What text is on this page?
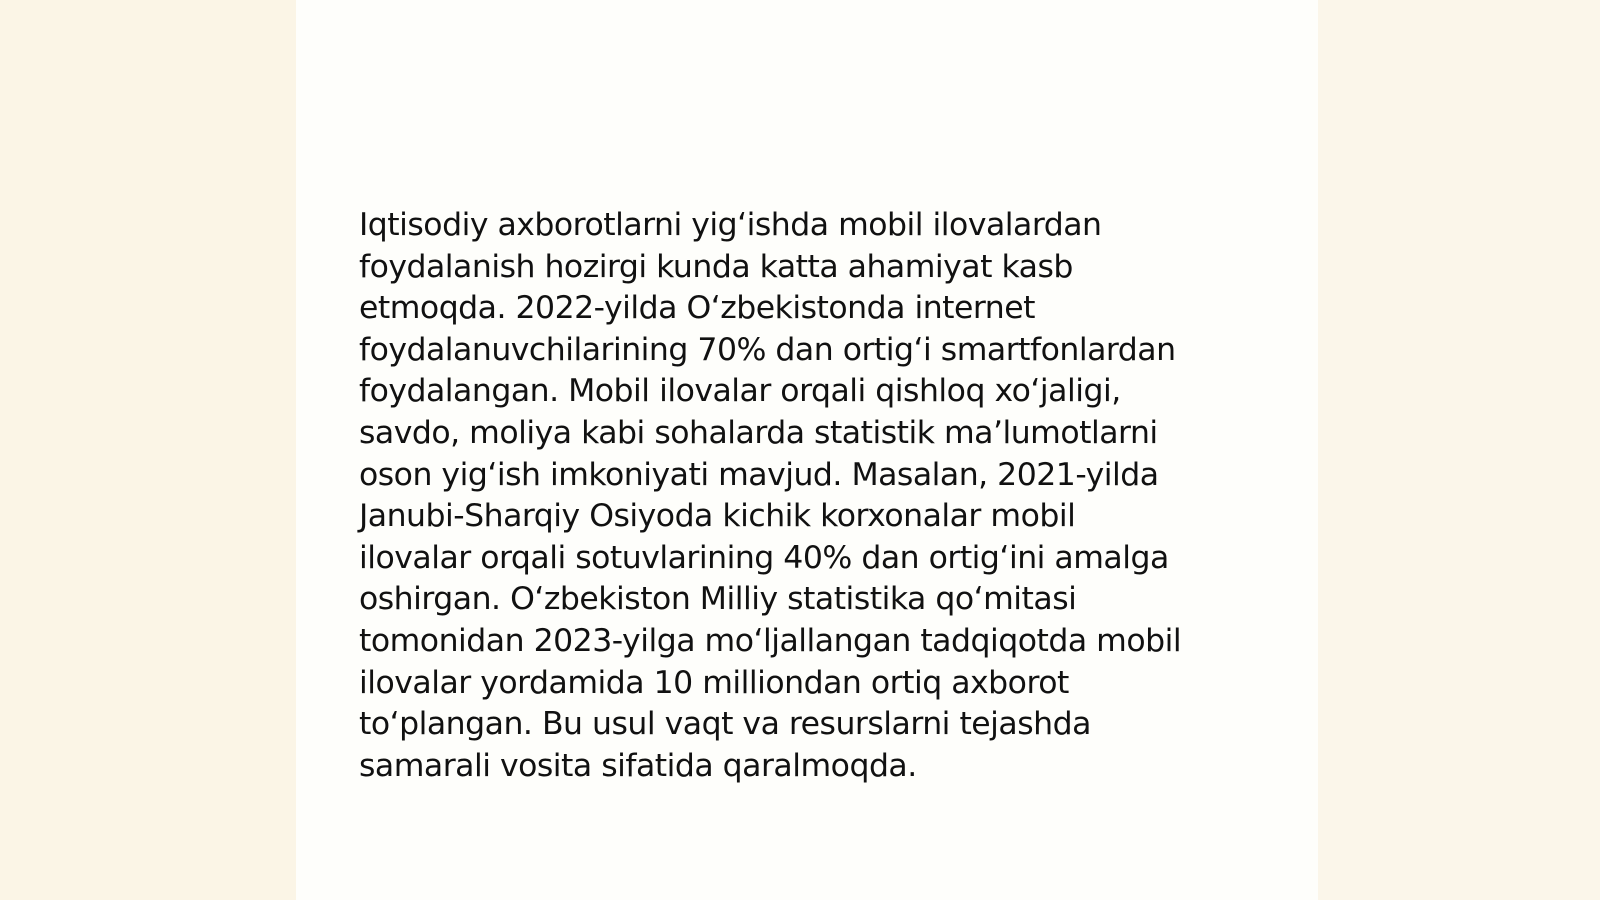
Iqtisodiy axborotlarni yig‘ishda mobil ilovalardan
foydalanish hozirgi kunda katta ahamiyat kasb
etmoqda. 2022-yilda O‘zbekistonda internet
foydalanuvchilarining 70% dan ortig‘i smartfonlardan
foydalangan. Mobil ilovalar orqali qishloq xo‘jaligi,
savdo, moliya kabi sohalarda statistik ma’lumotlarni
oson yig‘ish imkoniyati mavjud. Masalan, 2021-yilda
Janubi-Sharqiy Osiyoda kichik korxonalar mobil
ilovalar orqali sotuvlarining 40% dan ortig‘ini amalga
oshirgan. O‘zbekiston Milliy statistika qo‘mitasi
tomonidan 2023-yilga mo‘ljallangan tadqiqotda mobil
ilovalar yordamida 10 milliondan ortiq axborot
to‘plangan. Bu usul vaqt va resurslarni tejashda
samarali vosita sifatida qaralmoqda.
